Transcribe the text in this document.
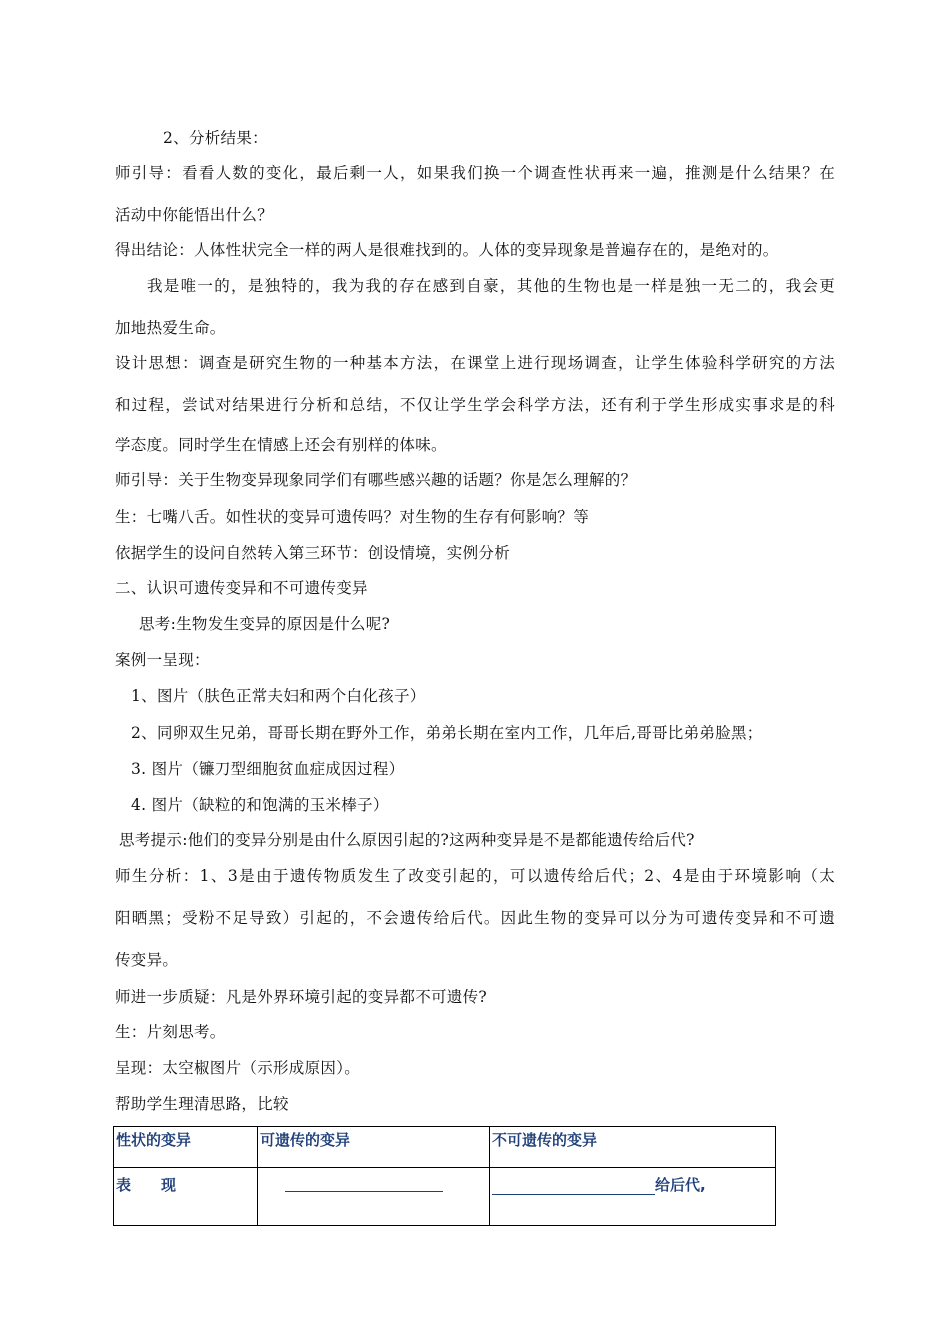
2、分析结果：
师引导：看看人数的变化，最后剩一人，如果我们换一个调查性状再来一遍，推测是什么结果？在
活动中你能悟出什么？
得出结论：人体性状完全一样的两人是很难找到的。人体的变异现象是普遍存在的，是绝对的。
我是唯一的，是独特的，我为我的存在感到自豪，其他的生物也是一样是独一无二的，我会更
加地热爱生命。
设计思想：调查是研究生物的一种基本方法，在课堂上进行现场调查，让学生体验科学研究的方法
和过程，尝试对结果进行分析和总结，不仅让学生学会科学方法，还有利于学生形成实事求是的科
学态度。同时学生在情感上还会有别样的体味。
师引导：关于生物变异现象同学们有哪些感兴趣的话题？你是怎么理解的？
生：七嘴八舌。如性状的变异可遗传吗？对生物的生存有何影响？等
依据学生的设问自然转入第三环节：创设情境，实例分析
二、认识可遗传变异和不可遗传变异
思考:生物发生变异的原因是什么呢?
案例一呈现：
1、图片（肤色正常夫妇和两个白化孩子）
2、同卵双生兄弟，哥哥长期在野外工作，弟弟长期在室内工作，几年后,哥哥比弟弟脸黑；
3. 图片（镰刀型细胞贫血症成因过程）
4. 图片（缺粒的和饱满的玉米棒子）
思考提示:他们的变异分别是由什么原因引起的?这两种变异是不是都能遗传给后代?
师生分析：1、3是由于遗传物质发生了改变引起的，可以遗传给后代；2、4是由于环境影响（太
阳晒黑；受粉不足导致）引起的，不会遗传给后代。因此生物的变异可以分为可遗传变异和不可遗
传变异。
师进一步质疑：凡是外界环境引起的变异都不可遗传?
生：片刻思考。
呈现：太空椒图片（示形成原因）。
帮助学生理清思路，比较
性状的变异	可遗传的变异	不可遗传的变异
表　　现		给后代,
